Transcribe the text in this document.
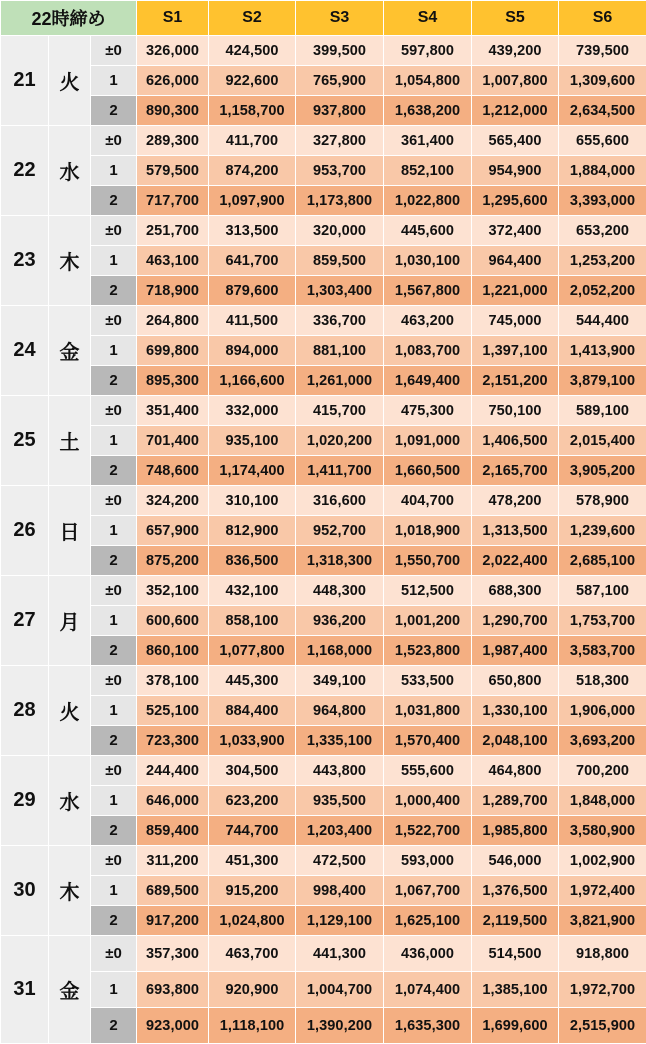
22時締め			S1	S2	S3	S4	S5	S6
21	火	±0	326,000	424,500	399,500	597,800	439,200	739,500
		1	626,000	922,600	765,900	1,054,800	1,007,800	1,309,600
		2	890,300	1,158,700	937,800	1,638,200	1,212,000	2,634,500
22	水	±0	289,300	411,700	327,800	361,400	565,400	655,600
		1	579,500	874,200	953,700	852,100	954,900	1,884,000
		2	717,700	1,097,900	1,173,800	1,022,800	1,295,600	3,393,000
23	木	±0	251,700	313,500	320,000	445,600	372,400	653,200
		1	463,100	641,700	859,500	1,030,100	964,400	1,253,200
		2	718,900	879,600	1,303,400	1,567,800	1,221,000	2,052,200
24	金	±0	264,800	411,500	336,700	463,200	745,000	544,400
		1	699,800	894,000	881,100	1,083,700	1,397,100	1,413,900
		2	895,300	1,166,600	1,261,000	1,649,400	2,151,200	3,879,100
25	土	±0	351,400	332,000	415,700	475,300	750,100	589,100
		1	701,400	935,100	1,020,200	1,091,000	1,406,500	2,015,400
		2	748,600	1,174,400	1,411,700	1,660,500	2,165,700	3,905,200
26	日	±0	324,200	310,100	316,600	404,700	478,200	578,900
		1	657,900	812,900	952,700	1,018,900	1,313,500	1,239,600
		2	875,200	836,500	1,318,300	1,550,700	2,022,400	2,685,100
27	月	±0	352,100	432,100	448,300	512,500	688,300	587,100
		1	600,600	858,100	936,200	1,001,200	1,290,700	1,753,700
		2	860,100	1,077,800	1,168,000	1,523,800	1,987,400	3,583,700
28	火	±0	378,100	445,300	349,100	533,500	650,800	518,300
		1	525,100	884,400	964,800	1,031,800	1,330,100	1,906,000
		2	723,300	1,033,900	1,335,100	1,570,400	2,048,100	3,693,200
29	水	±0	244,400	304,500	443,800	555,600	464,800	700,200
		1	646,000	623,200	935,500	1,000,400	1,289,700	1,848,000
		2	859,400	744,700	1,203,400	1,522,700	1,985,800	3,580,900
30	木	±0	311,200	451,300	472,500	593,000	546,000	1,002,900
		1	689,500	915,200	998,400	1,067,700	1,376,500	1,972,400
		2	917,200	1,024,800	1,129,100	1,625,100	2,119,500	3,821,900
31	金	±0	357,300	463,700	441,300	436,000	514,500	918,800
		1	693,800	920,900	1,004,700	1,074,400	1,385,100	1,972,700
		2	923,000	1,118,100	1,390,200	1,635,300	1,699,600	2,515,900
